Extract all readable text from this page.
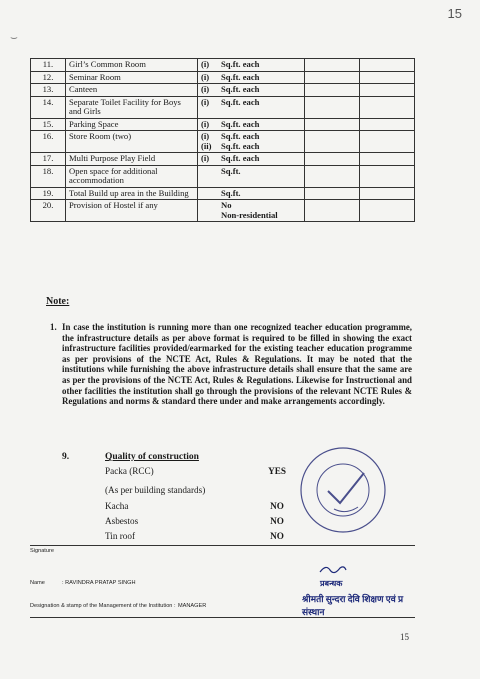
15
⌣
11.	Girl’s Common Room	(i) Sq.ft. each		

12.	Seminar Room	(i) Sq.ft. each		

13.	Canteen	(i) Sq.ft. each		

14.	Separate Toilet Facility for Boys and Girls	(i) Sq.ft. each		

15.	Parking Space	(i) Sq.ft. each		

16.	Store Room (two)	(i) Sq.ft. each
(ii) Sq.ft. each		

17.	Multi Purpose Play Field	(i) Sq.ft. each		

18.	Open space for additional accommodation	Sq.ft.		

19.	Total Build up area in the Building	Sq.ft.		

20.	Provision of Hostel if any	No
Non-residential		

Note:
1. In case the institution is running more than one recognized teacher education programme, the infrastructure details as per above format is required to be filled in showing the exact infrastructure facilities provided/earmarked for the existing teacher education programme as per provisions of the NCTE Act, Rules & Regulations. It may be noted that the institutions while furnishing the above infrastructure details shall ensure that the same are as per the provisions of the NCTE Act, Rules & Regulations. Likewise for Instructional and other facilities the institution shall go through the provisions of the relevant NCTE Rules & Regulations and norms & standard there under and make arrangements accordingly.
9.	Quality of construction
Packa (RCC)	YES
(As per building standards)
Kacha	NO
Asbestos	NO
Tin roof	NO
Signature
Name	: RAVINDRA PRATAP SINGH	प्रबन्धक
Designation & stamp of the Management of the Institution : MANAGER
श्रीमती सुन्दरा देवि शिक्षण एवं प्र संस्थान
15
